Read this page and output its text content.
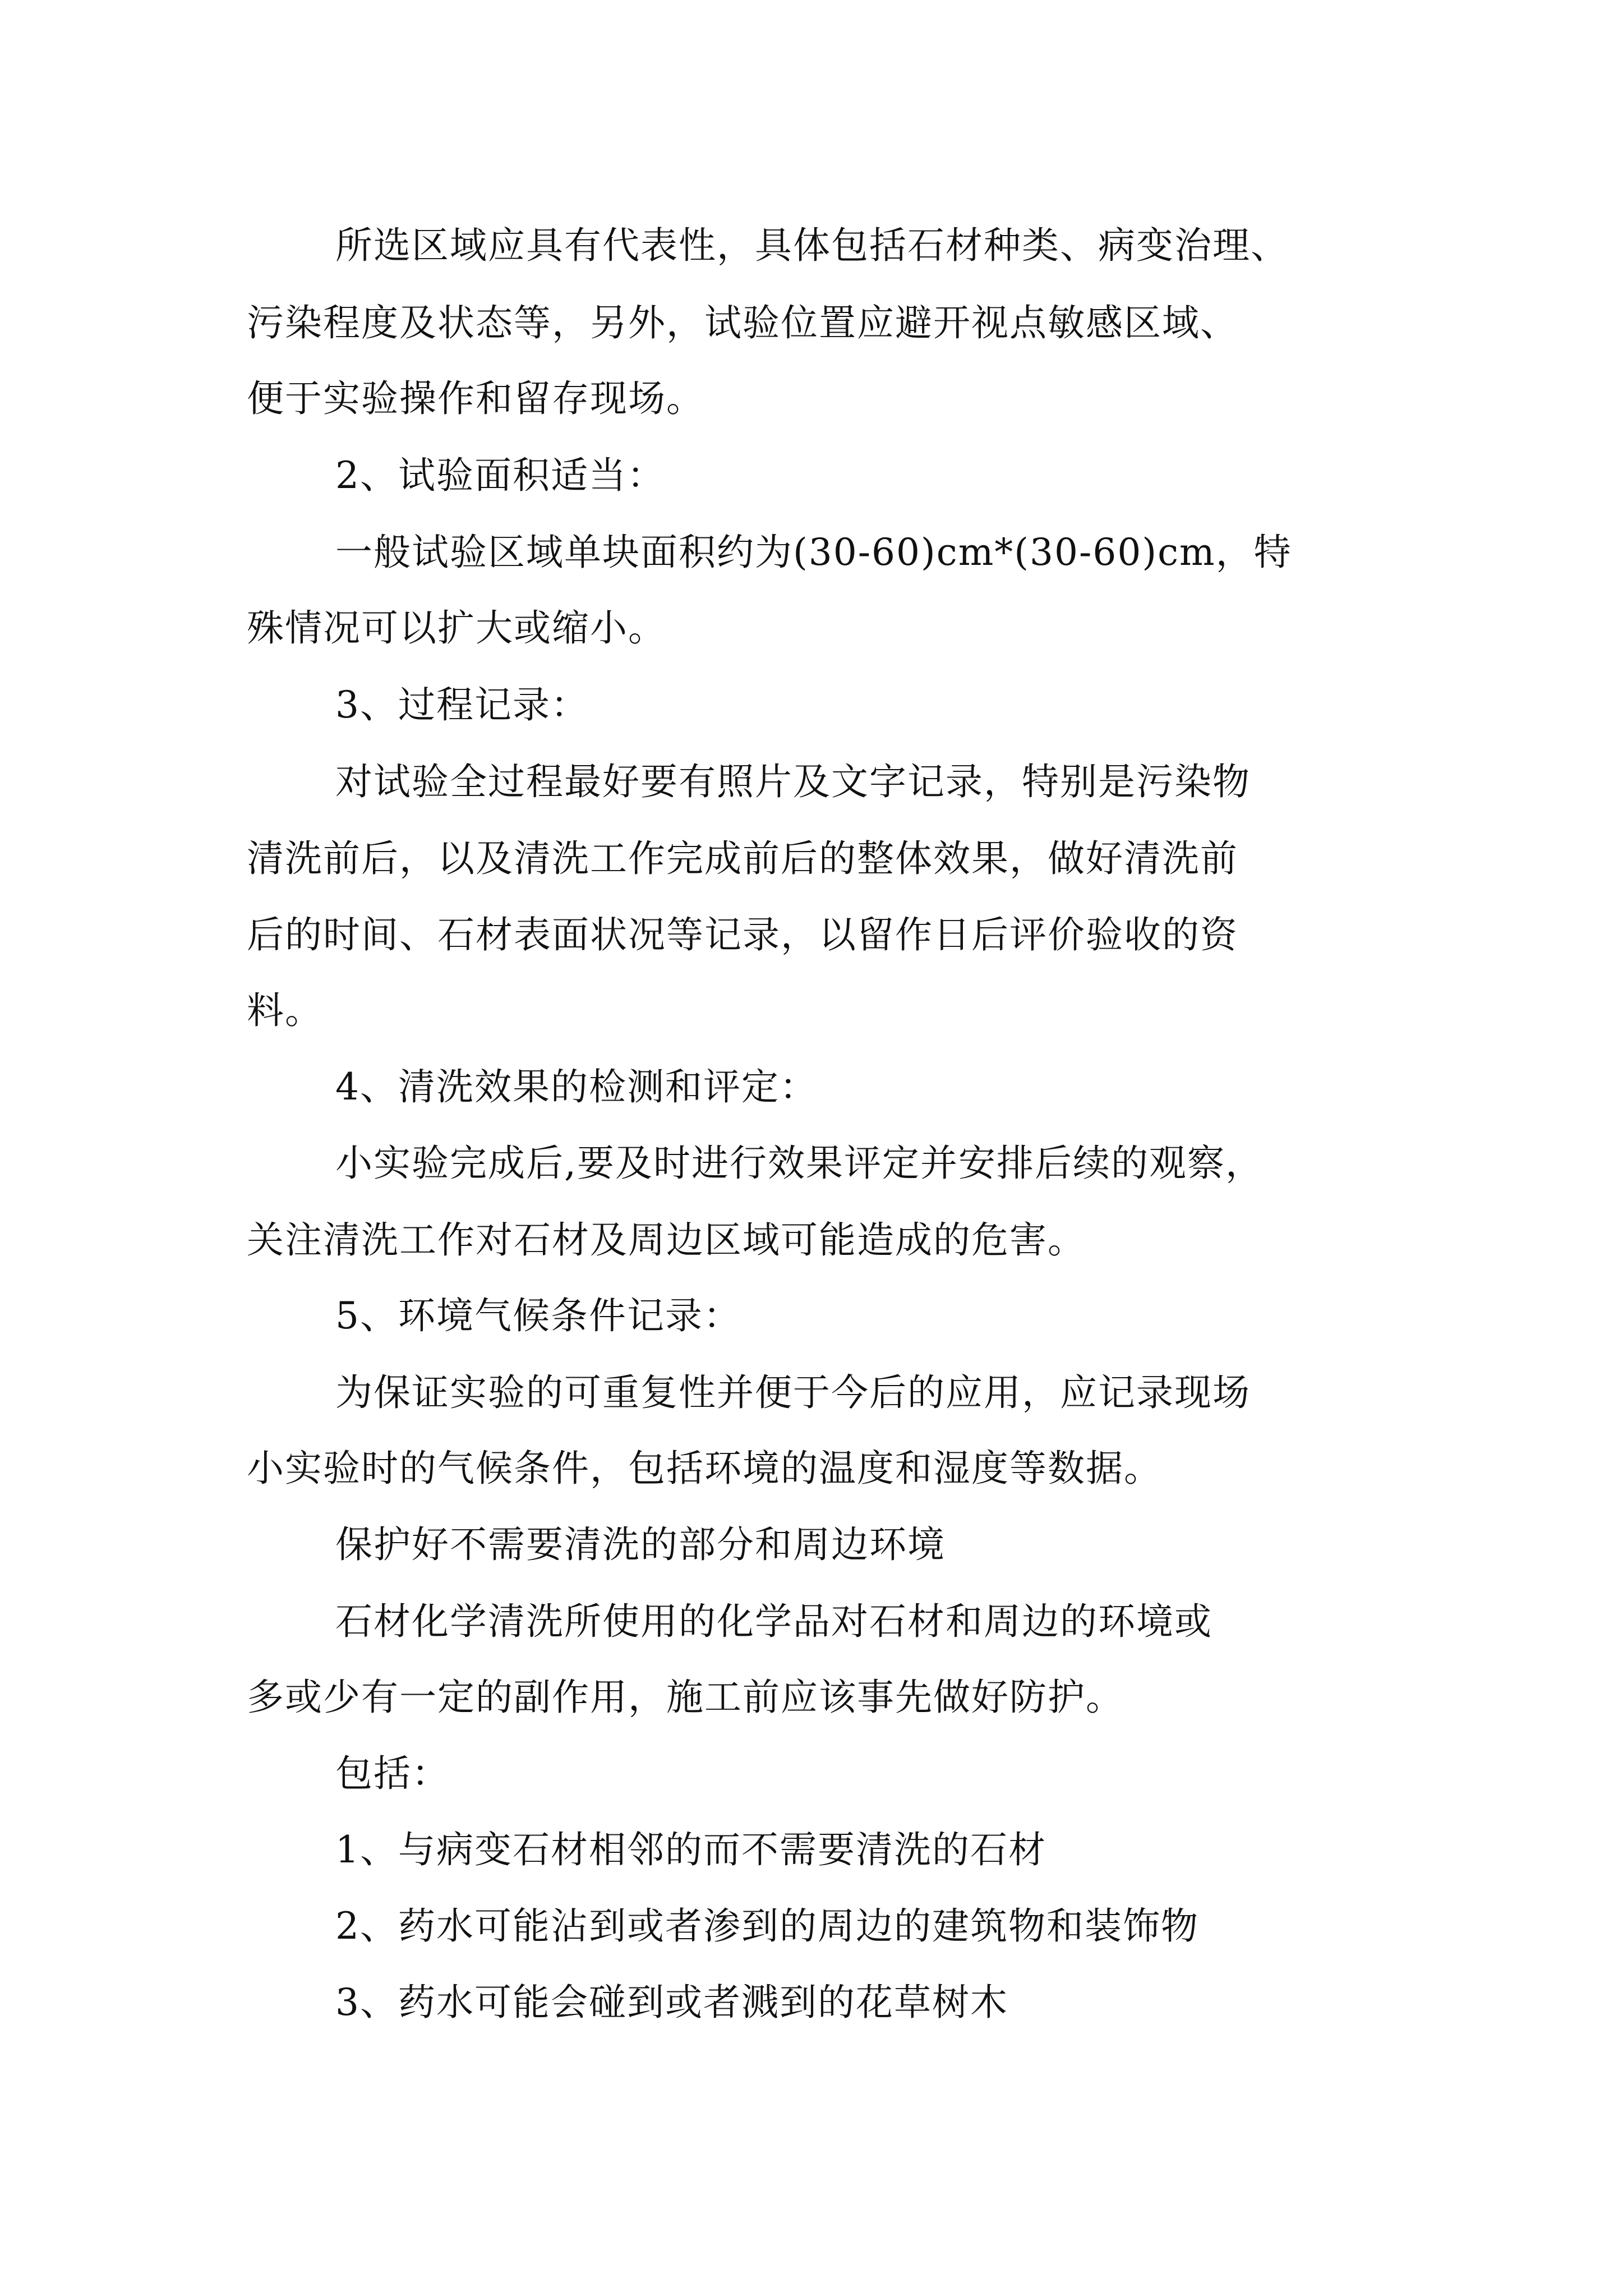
所选区域应具有代表性，具体包括石材种类、病变治理、
污染程度及状态等，另外，试验位置应避开视点敏感区域、
便于实验操作和留存现场。
2、试验面积适当：
一般试验区域单块面积约为(30-60)cm*(30-60)cm，特
殊情况可以扩大或缩小。
3、过程记录：
对试验全过程最好要有照片及文字记录，特别是污染物
清洗前后，以及清洗工作完成前后的整体效果，做好清洗前
后的时间、石材表面状况等记录，以留作日后评价验收的资
料。
4、清洗效果的检测和评定：
小实验完成后,要及时进行效果评定并安排后续的观察，
关注清洗工作对石材及周边区域可能造成的危害。
5、环境气候条件记录：
为保证实验的可重复性并便于今后的应用，应记录现场
小实验时的气候条件，包括环境的温度和湿度等数据。
保护好不需要清洗的部分和周边环境
石材化学清洗所使用的化学品对石材和周边的环境或
多或少有一定的副作用，施工前应该事先做好防护。
包括：
1、与病变石材相邻的而不需要清洗的石材
2、药水可能沾到或者渗到的周边的建筑物和装饰物
3、药水可能会碰到或者溅到的花草树木
